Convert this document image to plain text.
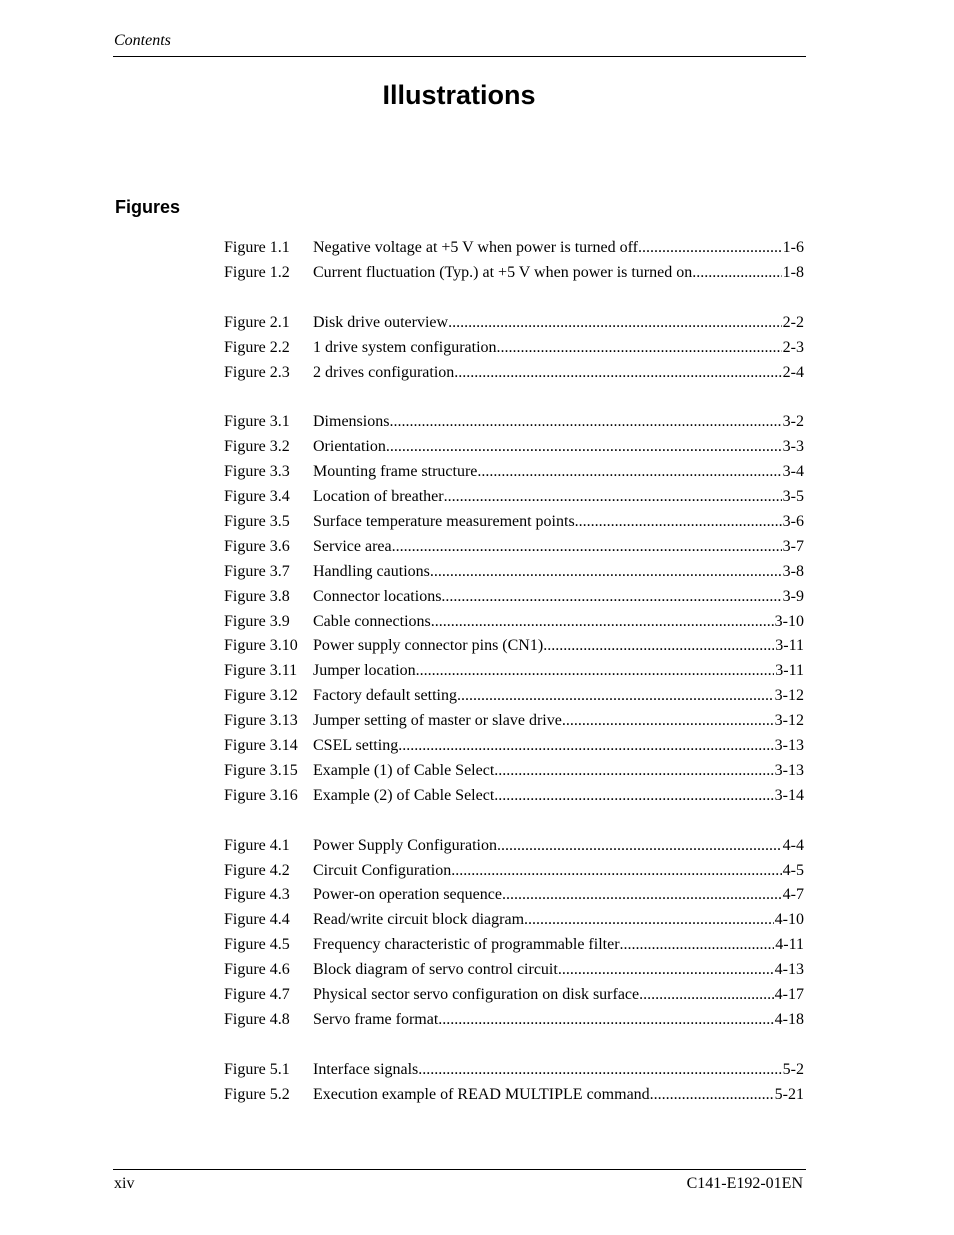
Contents
Illustrations
Figures
Figure 1.1	Negative voltage at +5 V when power is turned off .....	1-6
Figure 1.2	Current fluctuation (Typ.) at +5 V when power is turned on .....	1-8
Figure 2.1	Disk drive outerview .....	2-2
Figure 2.2	1 drive system configuration .....	2-3
Figure 2.3	2 drives configuration .....	2-4
Figure 3.1	Dimensions .....	3-2
Figure 3.2	Orientation .....	3-3
Figure 3.3	Mounting frame structure .....	3-4
Figure 3.4	Location of breather .....	3-5
Figure 3.5	Surface temperature measurement points .....	3-6
Figure 3.6	Service area .....	3-7
Figure 3.7	Handling cautions .....	3-8
Figure 3.8	Connector locations .....	3-9
Figure 3.9	Cable connections .....	3-10
Figure 3.10 Power supply connector pins (CN1) .....	3-11
Figure 3.11 Jumper location .....	3-11
Figure 3.12 Factory default setting .....	3-12
Figure 3.13 Jumper setting of master or slave drive .....	3-12
Figure 3.14 CSEL setting .....	3-13
Figure 3.15 Example (1) of Cable Select .....	3-13
Figure 3.16 Example (2) of Cable Select .....	3-14
Figure 4.1	Power Supply Configuration .....	4-4
Figure 4.2	Circuit Configuration .....	4-5
Figure 4.3	Power-on operation sequence .....	4-7
Figure 4.4	Read/write circuit block diagram .....	4-10
Figure 4.5	Frequency characteristic of programmable filter .....	4-11
Figure 4.6	Block diagram of servo control circuit .....	4-13
Figure 4.7	Physical sector servo configuration on disk surface .....	4-17
Figure 4.8	Servo frame format .....	4-18
Figure 5.1	Interface signals .....	5-2
Figure 5.2	Execution example of READ MULTIPLE command .....	5-21
xiv	C141-E192-01EN
